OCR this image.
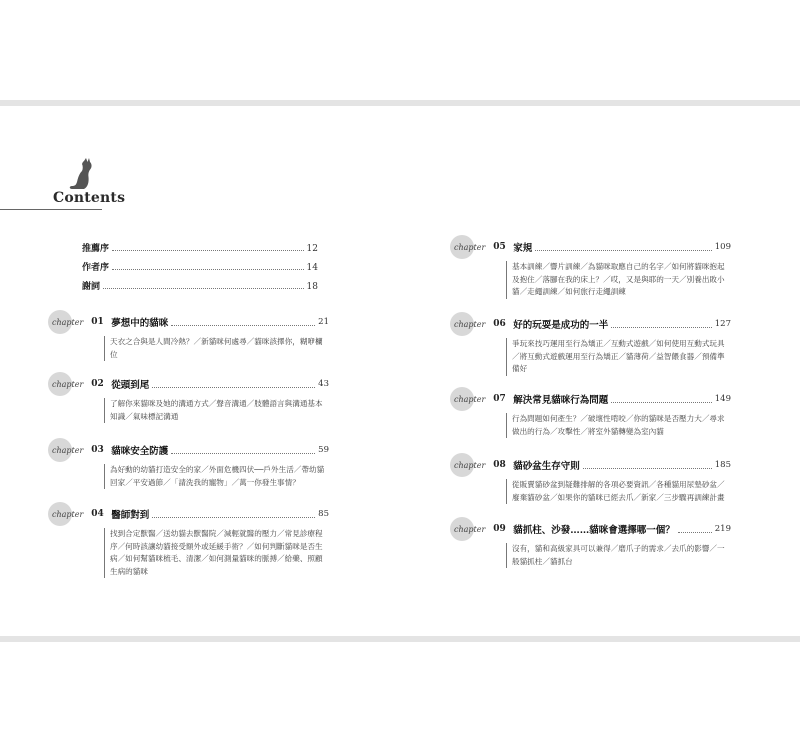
Contents
推薦序	12
作者序	14
謝詞	18
chapter 01 夢想中的貓咪	21
天衣之合與是人間冷熱？／新貓咪何處尋／貓咪該擇你，糊咿欄位
chapter 02 從頭到尾	43
了解你來貓咪及她的溝通方式／聲音溝通／肢體語言與溝通基本知識／氣味標記溝通
chapter 03 貓咪安全防護	59
為好動的幼貓打造安全的家／外面危機四伏──戶外生活／帶幼貓回家／平安過節／「請洗我的寵物」／萬一你發生事情？
chapter 04 醫師對到	85
找到合定獸醫／送幼貓去獸醫院／減輕就醫的壓力／常見診療程序／何時該讓幼貓接受額外或延緩手術？／如何判斷貓咪是否生病／如何幫貓咪梳毛、清潔／如何測量貓咪的脈搏／給藥、照顧生病的貓咪
chapter 05 家規	109
基本訓練／響片訓練／為貓咪取應自己的名字／如何將貓咪抱起及抱住／落腳在我的床上？／哎，又是與耶的一天／別養出敗小貓／走繩訓練／如何旅行走繩訓練
chapter 06 好的玩耍是成功的一半	127
爭玩來技巧運用至行為矯正／互動式遊戲／如何使用互動式玩具／將互動式遊戲運用至行為矯正／貓薄荷／益智餵食器／預備準備好
chapter 07 解決常見貓咪行為問題	149
行為問題如何產生？／破壞性啃咬／你的貓咪是否壓力大／尋求做出的行為／攻擊性／將室外貓轉變為室內貓
chapter 08 貓砂盆生存守則	185
從販賣貓砂盆到疑難排解的各項必要資訊／各種貓用尿墊砂盆／廢棄貓砂盆／如果你的貓咪已經去爪／新家／三步驟再訓練計畫
chapter 09 貓抓柱、沙發……貓咪會選擇哪一個？	219
沒有，貓和高級家具可以兼得／磨爪子的需求／去爪的影響／一般貓抓柱／貓抓台
